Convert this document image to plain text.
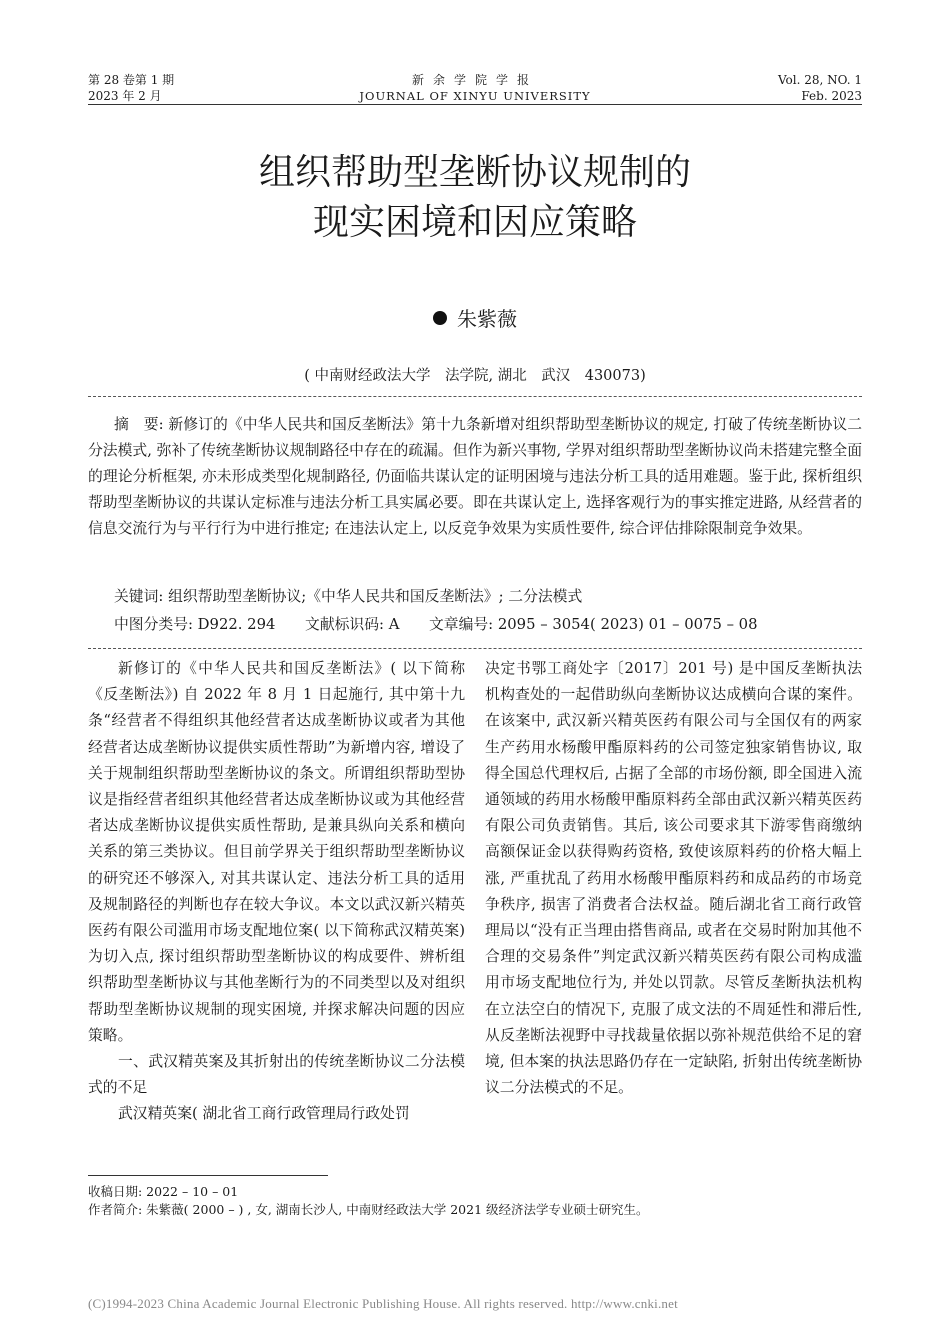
第 28 卷第 1 期
2023 年 2 月
新余学院学报
JOURNAL OF XINYU UNIVERSITY
Vol. 28, NO. 1
Feb. 2023
组织帮助型垄断协议规制的
现实困境和因应策略
朱紫薇
( 中南财经政法大学　法学院, 湖北　武汉　430073)

摘　要: 新修订的《中华人民共和国反垄断法》第十九条新增对组织帮助型垄断协议的规定, 打破了传统垄断协议二分法模式, 弥补了传统垄断协议规制路径中存在的疏漏。但作为新兴事物, 学界对组织帮助型垄断协议尚未搭建完整全面的理论分析框架, 亦未形成类型化规制路径, 仍面临共谋认定的证明困境与违法分析工具的适用难题。鉴于此, 探析组织帮助型垄断协议的共谋认定标准与违法分析工具实属必要。即在共谋认定上, 选择客观行为的事实推定进路, 从经营者的信息交流行为与平行行为中进行推定; 在违法认定上, 以反竞争效果为实质性要件, 综合评估排除限制竞争效果。

关键词: 组织帮助型垄断协议;《中华人民共和国反垄断法》; 二分法模式
中图分类号: D922. 294　　文献标识码: A　　文章编号: 2095 – 3054( 2023) 01 – 0075 – 08

新修订的《中华人民共和国反垄断法》( 以下简称《反垄断法》) 自 2022 年 8 月 1 日起施行, 其中第十九条“经营者不得组织其他经营者达成垄断协议或者为其他经营者达成垄断协议提供实质性帮助”为新增内容, 增设了关于规制组织帮助型垄断协议的条文。所谓组织帮助型协议是指经营者组织其他经营者达成垄断协议或为其他经营者达成垄断协议提供实质性帮助, 是兼具纵向关系和横向关系的第三类协议。但目前学界关于组织帮助型垄断协议的研究还不够深入, 对其共谋认定、违法分析工具的适用及规制路径的判断也存在较大争议。本文以武汉新兴精英医药有限公司滥用市场支配地位案( 以下简称武汉精英案) 为切入点, 探讨组织帮助型垄断协议的构成要件、辨析组织帮助型垄断协议与其他垄断行为的不同类型以及对组织帮助型垄断协议规制的现实困境, 并探求解决问题的因应策略。

一、武汉精英案及其折射出的传统垄断协议二分法模式的不足

武汉精英案( 湖北省工商行政管理局行政处罚

决定书鄂工商处字〔2017〕201 号) 是中国反垄断执法机构查处的一起借助纵向垄断协议达成横向合谋的案件。在该案中, 武汉新兴精英医药有限公司与全国仅有的两家生产药用水杨酸甲酯原料药的公司签定独家销售协议, 取得全国总代理权后, 占据了全部的市场份额, 即全国进入流通领域的药用水杨酸甲酯原料药全部由武汉新兴精英医药有限公司负责销售。其后, 该公司要求其下游零售商缴纳高额保证金以获得购药资格, 致使该原料药的价格大幅上涨, 严重扰乱了药用水杨酸甲酯原料药和成品药的市场竞争秩序, 损害了消费者合法权益。随后湖北省工商行政管理局以“没有正当理由搭售商品, 或者在交易时附加其他不合理的交易条件”判定武汉新兴精英医药有限公司构成滥用市场支配地位行为, 并处以罚款。尽管反垄断执法机构在立法空白的情况下, 克服了成文法的不周延性和滞后性, 从反垄断法视野中寻找裁量依据以弥补规范供给不足的窘境, 但本案的执法思路仍存在一定缺陷, 折射出传统垄断协议二分法模式的不足。

收稿日期: 2022 – 10 – 01
作者简介: 朱紫薇( 2000 – ) , 女, 湖南长沙人, 中南财经政法大学 2021 级经济法学专业硕士研究生。
(C)1994-2023 China Academic Journal Electronic Publishing House. All rights reserved. http://www.cnki.net
